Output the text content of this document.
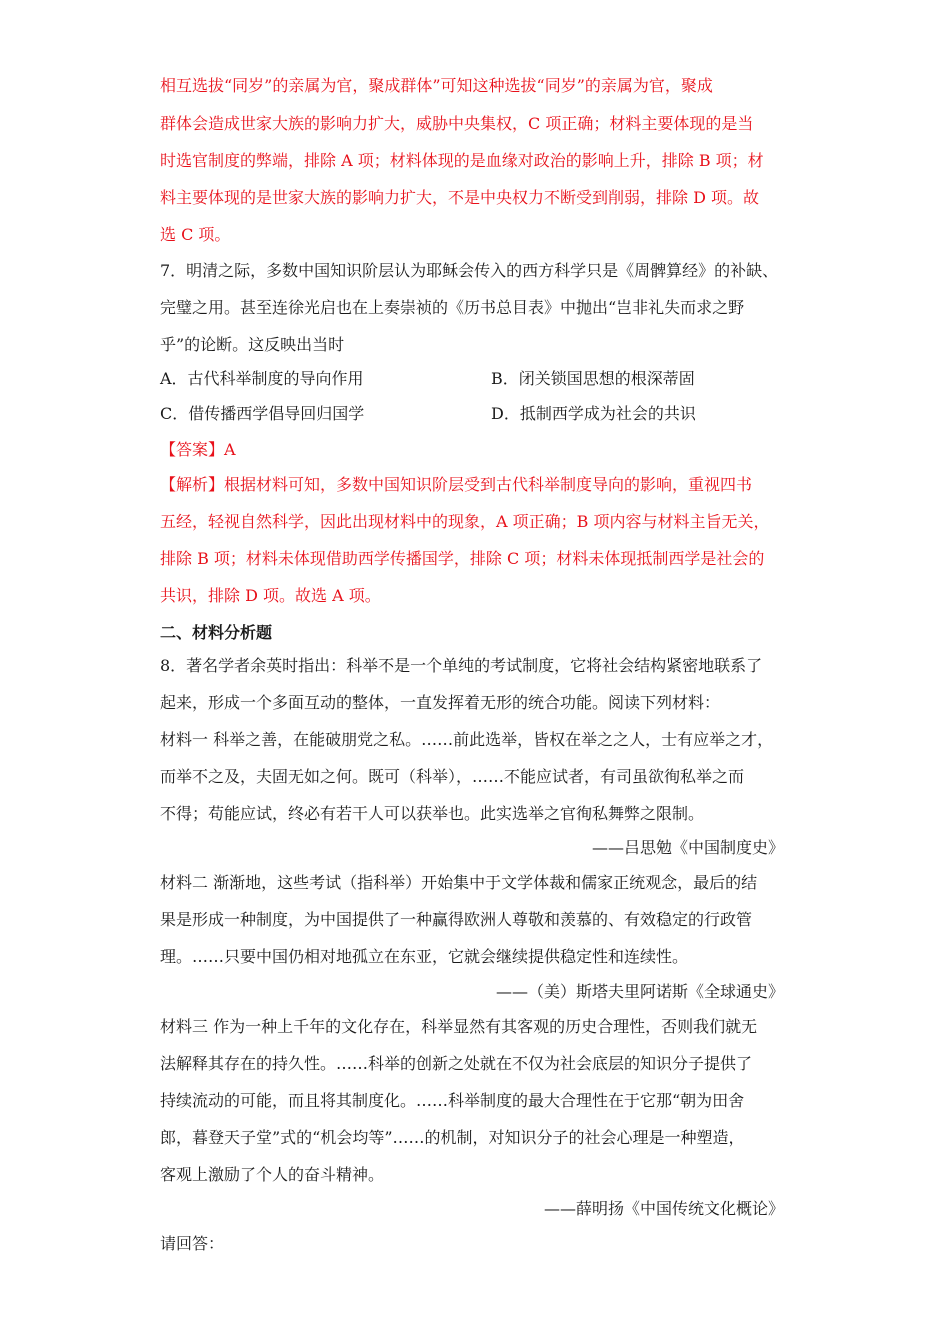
相互选拔“同岁”的亲属为官，聚成群体”可知这种选拔“同岁”的亲属为官，聚成

群体会造成世家大族的影响力扩大，威胁中央集权，C 项正确；材料主要体现的是当

时选官制度的弊端，排除 A 项；材料体现的是血缘对政治的影响上升，排除 B 项；材

料主要体现的是世家大族的影响力扩大，不是中央权力不断受到削弱，排除 D 项。故

选 C 项。

7．明清之际，多数中国知识阶层认为耶稣会传入的西方科学只是《周髀算经》的补缺、

完璧之用。甚至连徐光启也在上奏崇祯的《历书总目表》中抛出“岂非礼失而求之野

乎”的论断。这反映出当时

A．古代科举制度的导向作用	B．闭关锁国思想的根深蒂固

C．借传播西学倡导回归国学	D．抵制西学成为社会的共识

【答案】A

【解析】根据材料可知，多数中国知识阶层受到古代科举制度导向的影响，重视四书

五经，轻视自然科学，因此出现材料中的现象，A 项正确；B 项内容与材料主旨无关，

排除 B 项；材料未体现借助西学传播国学，排除 C 项；材料未体现抵制西学是社会的

共识，排除 D 项。故选 A 项。

二、材料分析题

8．著名学者余英时指出：科举不是一个单纯的考试制度，它将社会结构紧密地联系了

起来，形成一个多面互动的整体，一直发挥着无形的统合功能。阅读下列材料：

材料一 科举之善，在能破朋党之私。……前此选举，皆权在举之之人，士有应举之才，

而举不之及，夫固无如之何。既可（科举），……不能应试者，有司虽欲徇私举之而

不得；苟能应试，终必有若干人可以获举也。此实选举之官徇私舞弊之限制。

——吕思勉《中国制度史》

材料二 渐渐地，这些考试（指科举）开始集中于文学体裁和儒家正统观念，最后的结

果是形成一种制度，为中国提供了一种赢得欧洲人尊敬和羡慕的、有效稳定的行政管

理。……只要中国仍相对地孤立在东亚，它就会继续提供稳定性和连续性。

——（美）斯塔夫里阿诺斯《全球通史》

材料三 作为一种上千年的文化存在，科举显然有其客观的历史合理性，否则我们就无

法解释其存在的持久性。……科举的创新之处就在不仅为社会底层的知识分子提供了

持续流动的可能，而且将其制度化。……科举制度的最大合理性在于它那“朝为田舍

郎，暮登天子堂”式的“机会均等”……的机制，对知识分子的社会心理是一种塑造，

客观上激励了个人的奋斗精神。

——薛明扬《中国传统文化概论》

请回答：
